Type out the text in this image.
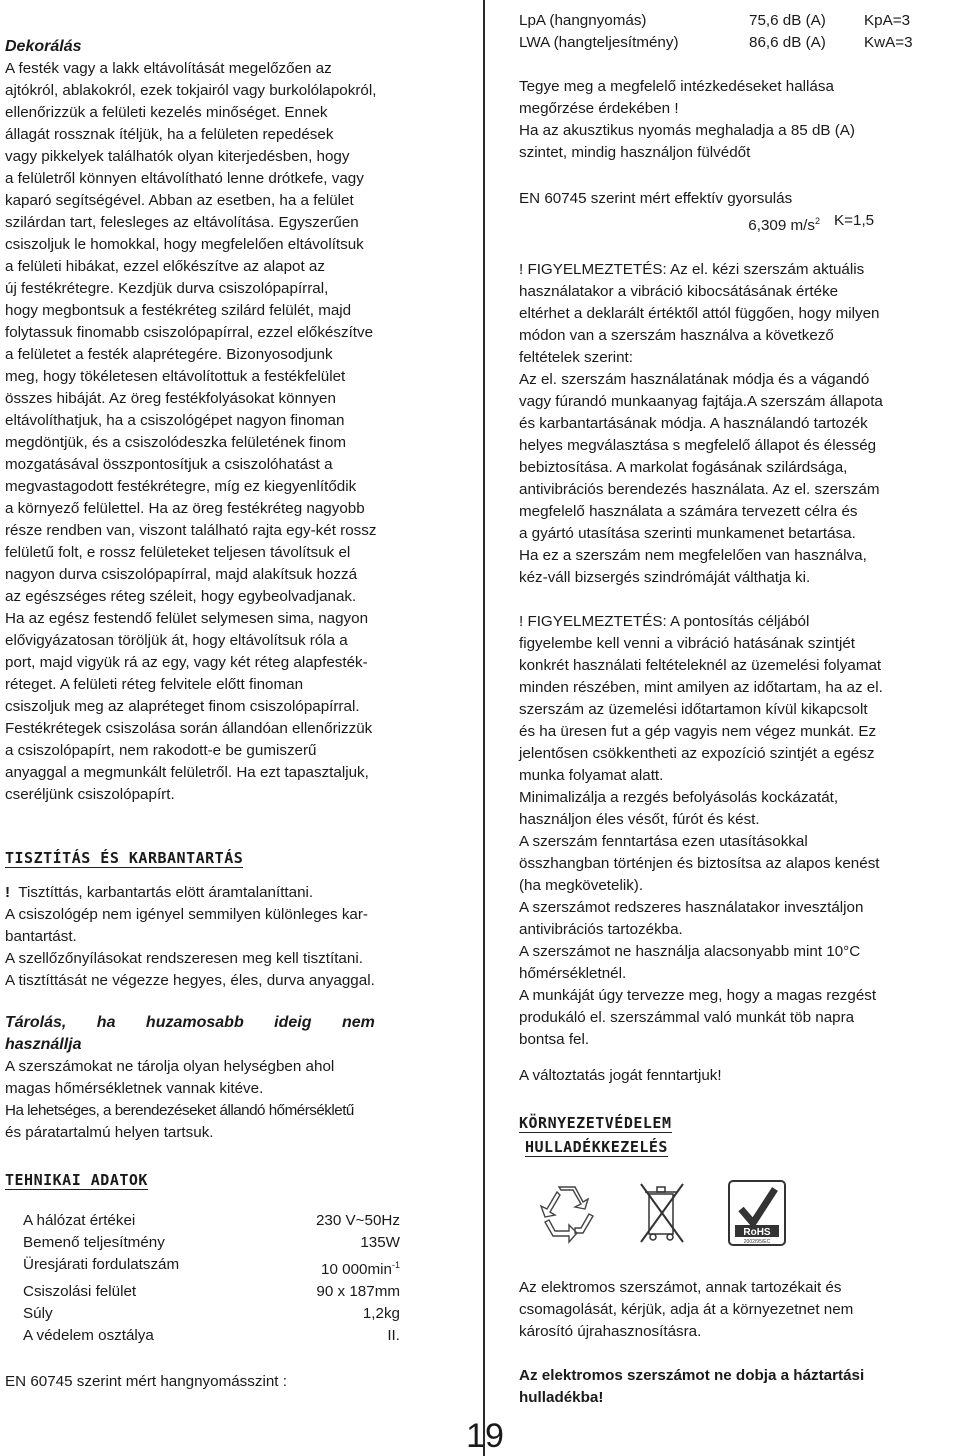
Dekorálás

A festék vagy a lakk eltávolítását megelőzően az

ajtókról, ablakokról, ezek tokjairól vagy burkolólapokról,

ellenőrizzük a felületi kezelés minőséget. Ennek

állagát rossznak ítéljük, ha a felületen repedések

vagy pikkelyek találhatók olyan kiterjedésben, hogy

a felületről könnyen eltávolítható lenne drótkefe, vagy

kaparó segítségével. Abban az esetben, ha a felület

szilárdan tart, felesleges az eltávolítása. Egyszerűen

csiszoljuk le homokkal, hogy megfelelően eltávolítsuk

a felületi hibákat, ezzel előkészítve az alapot az

új festékrétegre. Kezdjük durva csiszolópapírral,

hogy megbontsuk a festékréteg szilárd felülét, majd

folytassuk finomabb csiszolópapírral, ezzel előkészítve

a felületet a festék alaprétegére. Bizonyosodjunk

meg, hogy tökéletesen eltávolítottuk a festékfelület

összes hibáját. Az öreg festékfolyásokat könnyen

eltávolíthatjuk, ha a csiszológépet nagyon finoman

megdöntjük, és a csiszolódeszka felületének finom

mozgatásával összpontosítjuk a csiszolóhatást a

megvastagodott festékrétegre, míg ez kiegyenlítődik

a környező felülettel. Ha az öreg festékréteg nagyobb

része rendben van, viszont található rajta egy-két rossz

felületű folt, e rossz felületeket teljesen távolítsuk el

nagyon durva csiszolópapírral, majd alakítsuk hozzá

az egészséges réteg széleit, hogy egybeolvadjanak.

Ha az egész festendő felület selymesen sima, nagyon

elővigyázatosan töröljük át, hogy eltávolítsuk róla a

port, majd vigyük rá az egy, vagy két réteg alapfesték-

réteget. A felületi réteg felvitele előtt finoman

csiszoljuk meg az alapréteget finom csiszolópapírral.

Festékrétegek csiszolása során állandóan ellenőrizzük

a csiszolópapírt, nem rakodott-e be gumiszerű

anyaggal a megmunkált felületről. Ha ezt tapasztaljuk,

cseréljünk csiszolópapírt.

TISZTÍTÁS ÉS KARBANTARTÁS

! Tisztíttás, karbantartás elött áramtalaníttani.

A csiszológép nem igényel semmilyen különleges kar-

bantartást.

A szellőzőnyílásokat rendszeresen meg kell tisztítani.

A tisztíttását ne végezze hegyes, éles, durva anyaggal.

Tárolás, ha huzamosabb ideig nem
használlja

A szerszámokat ne tárolja olyan helységben ahol

magas hőmérsékletnek vannak kitéve.

Ha lehetséges, a berendezéseket állandó hőmérsékletű

és páratartalmú helyen tartsuk.

TEHNIKAI ADATOK

A hálózat értékei	230 V~50Hz
Bemenő teljesítmény	135W
Üresjárati fordulatszám	10 $000\min^{-1}$
Csiszolási felület	90 x 187mm
Súly	1,2kg
A védelem osztálya	II.

EN 60745 szerint mért hangnyomásszint :

LpA (hangnyomás)	75,6 dB (A)	KpA=3
LWA (hangteljesítmény)	86,6 dB (A)	KwA=3

Tegye meg a megfelelő intézkedéseket hallása

megőrzése érdekében !

Ha az akusztikus nyomás meghaladja a 85 dB (A)

szintet, mindig használjon fülvédőt

EN 60745 szerint mért effektív gyorsulás

6,309 $m/s^2$ K=1,5

! FIGYELMEZTETÉS: Az el. kézi szerszám aktuális

használatakor a vibráció kibocsátásának értéke

eltérhet a deklarált értéktől attól függően, hogy milyen

módon van a szerszám használva a következő

feltételek szerint:

Az el. szerszám használatának módja és a vágandó

vagy fúrandó munkaanyag fajtája.A szerszám állapota

és karbantartásának módja. A használandó tartozék

helyes megválasztása s megfelelő állapot és élesség

bebiztosítása. A markolat fogásának szilárdsága,

antivibrációs berendezés használata. Az el. szerszám

megfelelő használata a számára tervezett célra és

a gyártó utasítása szerinti munkamenet betartása.

Ha ez a szerszám nem megfelelően van használva,

kéz-váll bizsergés szindrómáját válthatja ki.

! FIGYELMEZTETÉS: A pontosítás céljából

figyelembe kell venni a vibráció hatásának szintjét

konkrét használati feltételeknél az üzemelési folyamat

minden részében, mint amilyen az időtartam, ha az el.

szerszám az üzemelési időtartamon kívül kikapcsolt

és ha üresen fut a gép vagyis nem végez munkát. Ez

jelentősen csökkentheti az expozíció szintjét a egész

munka folyamat alatt.

Minimalizálja a rezgés befolyásolás kockázatát,

használjon éles vésőt, fúrót és kést.

A szerszám fenntartása ezen utasításokkal

összhangban történjen és biztosítsa az alapos kenést

(ha megkövetelik).

A szerszámot redszeres használatakor inveszt​álj​on

antivibrációs tartozékba.

A szerszámot ne használja alacsonyabb mint 10°C

hőmérsékletnél.

A munkáját úgy tervezze meg, hogy a magas rezgést

produkáló el. szerszámmal való munkát töb napra

bontsa fel.

A változtatás jogát fenntartjuk!

KÖRNYEZETVÉDELEM

HULLADÉKKEZELÉS

RoHS
2002/95/EC

Az elektromos szerszámot, annak tartozékait és

csomagolását, kérjük, adja át a környezetnet nem

károsító újrahasznosításra.

Az elektromos szerszámot ne dobja a háztartási

hulladékba!

19
